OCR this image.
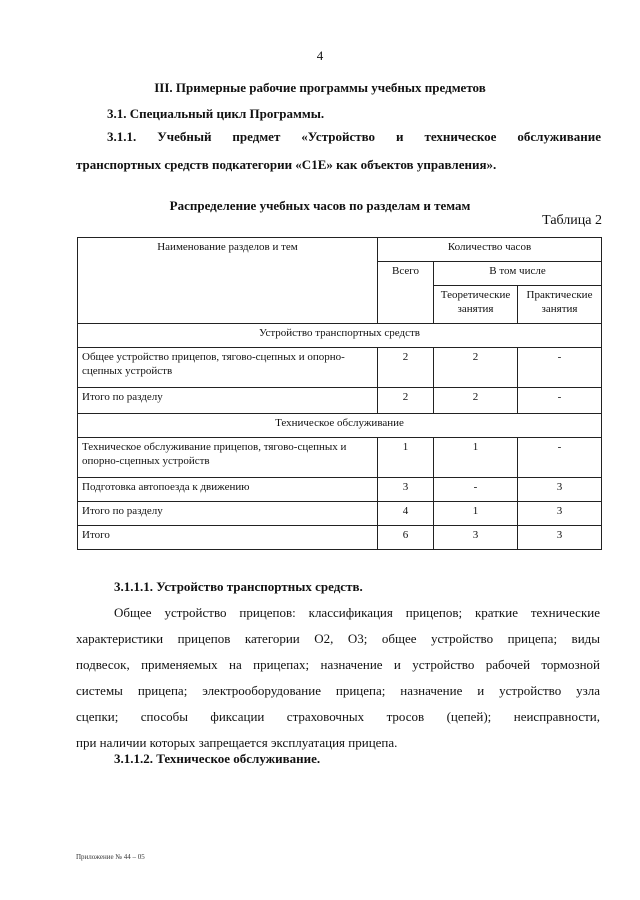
4
III. Примерные рабочие программы учебных предметов
3.1. Специальный цикл Программы.
3.1.1. Учебный предмет «Устройство и техническое обслуживание
транспортных средств подкатегории «C1E» как объектов управления».
Распределение учебных часов по разделам и темам
Таблица 2
Наименование разделов и тем	Количество часов		
	Всего	В том числе	
		Теоретические занятия	Практические занятия
Устройство транспортных средств			
Общее устройство прицепов, тягово-сцепных и опорно-сцепных устройств	2	2	-
Итого по разделу	2	2	-
Техническое обслуживание			
Техническое обслуживание прицепов, тягово-сцепных и опорно-сцепных устройств	1	1	-
Подготовка автопоезда к движению	3	-	3
Итого по разделу	4	1	3
Итого	6	3	3
3.1.1.1. Устройство транспортных средств.
Общее устройство прицепов: классификация прицепов; краткие технические
характеристики прицепов категории O2, O3; общее устройство прицепа; виды
подвесок, применяемых на прицепах; назначение и устройство рабочей тормозной
системы прицепа; электрооборудование прицепа; назначение и устройство узла
сцепки; способы фиксации страховочных тросов (цепей); неисправности,
при наличии которых запрещается эксплуатация прицепа.
3.1.1.2. Техническое обслуживание.
Приложение № 44 – 05
